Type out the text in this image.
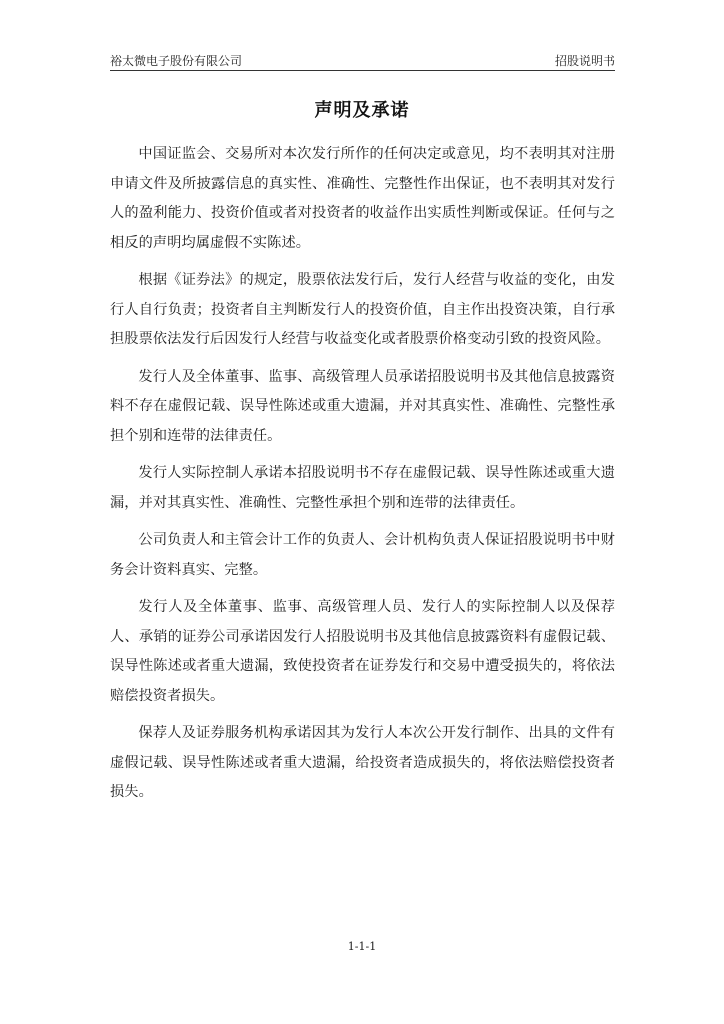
裕太微电子股份有限公司	招股说明书
声明及承诺

中国证监会、交易所对本次发行所作的任何决定或意见，均不表明其对注册申请文件及所披露信息的真实性、准确性、完整性作出保证，也不表明其对发行人的盈利能力、投资价值或者对投资者的收益作出实质性判断或保证。任何与之相反的声明均属虚假不实陈述。

根据《证券法》的规定，股票依法发行后，发行人经营与收益的变化，由发行人自行负责；投资者自主判断发行人的投资价值，自主作出投资决策，自行承担股票依法发行后因发行人经营与收益变化或者股票价格变动引致的投资风险。

发行人及全体董事、监事、高级管理人员承诺招股说明书及其他信息披露资料不存在虚假记载、误导性陈述或重大遗漏，并对其真实性、准确性、完整性承担个别和连带的法律责任。

发行人实际控制人承诺本招股说明书不存在虚假记载、误导性陈述或重大遗漏，并对其真实性、准确性、完整性承担个别和连带的法律责任。

公司负责人和主管会计工作的负责人、会计机构负责人保证招股说明书中财务会计资料真实、完整。

发行人及全体董事、监事、高级管理人员、发行人的实际控制人以及保荐人、承销的证券公司承诺因发行人招股说明书及其他信息披露资料有虚假记载、误导性陈述或者重大遗漏，致使投资者在证券发行和交易中遭受损失的，将依法赔偿投资者损失。

保荐人及证券服务机构承诺因其为发行人本次公开发行制作、出具的文件有虚假记载、误导性陈述或者重大遗漏，给投资者造成损失的，将依法赔偿投资者损失。

1-1-1
